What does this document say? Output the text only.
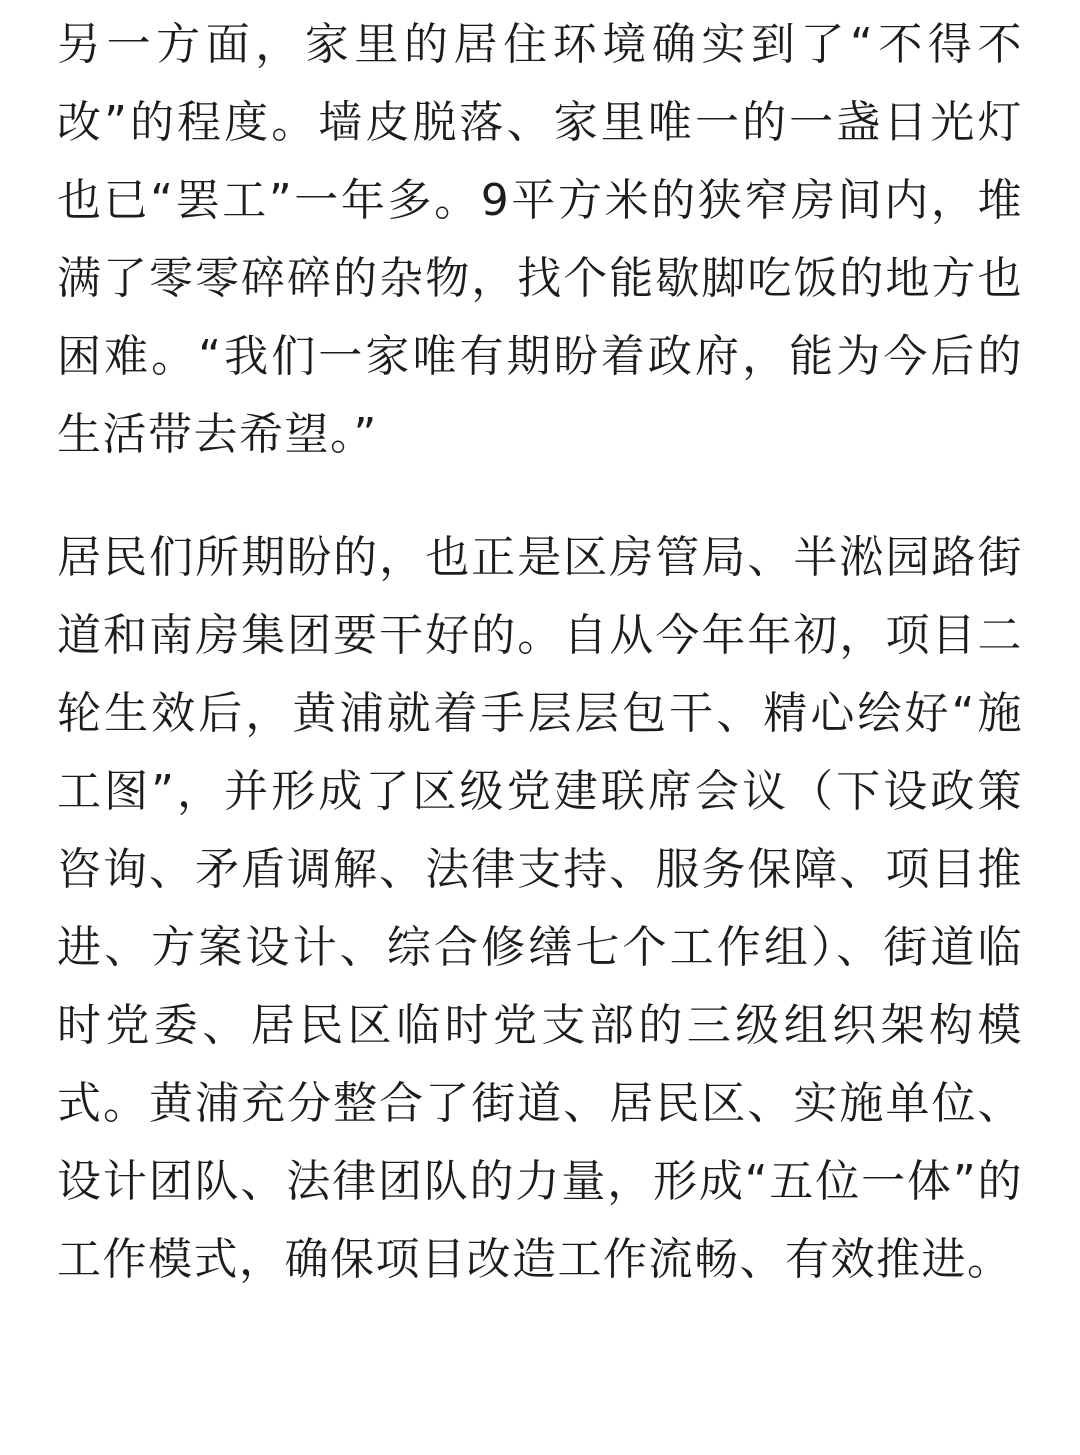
另一方面，家里的居住环境确实到了“不得不改”的程度。墙皮脱落、家里唯一的一盏日光灯也已“罢工”一年多。9平方米的狭窄房间内，堆满了零零碎碎的杂物，找个能歇脚吃饭的地方也困难。“我们一家唯有期盼着政府，能为今后的生活带去希望。”

居民们所期盼的，也正是区房管局、半淞园路街道和南房集团要干好的。自从今年年初，项目二轮生效后，黄浦就着手层层包干、精心绘好“施工图”，并形成了区级党建联席会议（下设政策咨询、矛盾调解、法律支持、服务保障、项目推进、方案设计、综合修缮七个工作组）、街道临时党委、居民区临时党支部的三级组织架构模式。黄浦充分整合了街道、居民区、实施单位、设计团队、法律团队的力量，形成“五位一体”的工作模式，确保项目改造工作流畅、有效推进。
